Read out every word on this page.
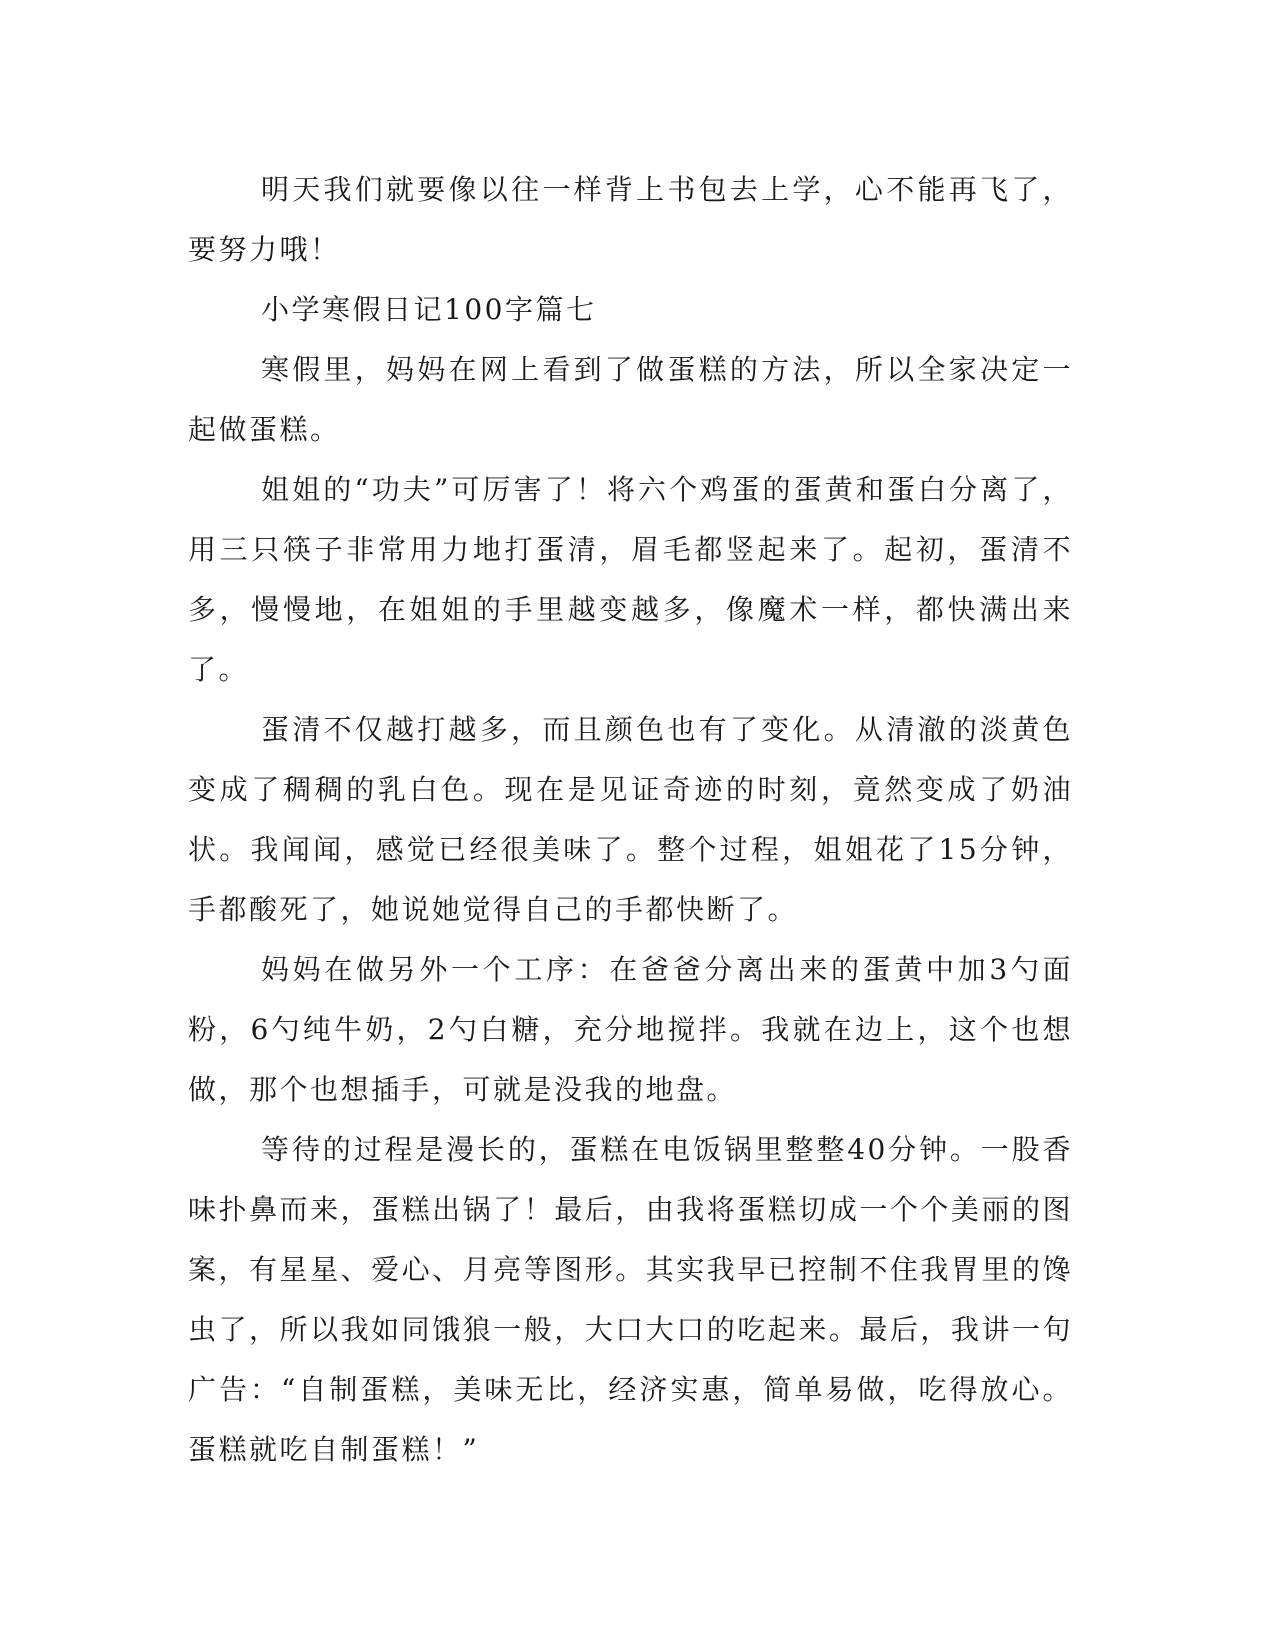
明天我们就要像以往一样背上书包去上学，心不能再飞了，要努力哦！

小学寒假日记100字篇七

寒假里，妈妈在网上看到了做蛋糕的方法，所以全家决定一起做蛋糕。

姐姐的“功夫”可厉害了！将六个鸡蛋的蛋黄和蛋白分离了，用三只筷子非常用力地打蛋清，眉毛都竖起来了。起初，蛋清不多，慢慢地，在姐姐的手里越变越多，像魔术一样，都快满出来了。

蛋清不仅越打越多，而且颜色也有了变化。从清澈的淡黄色变成了稠稠的乳白色。现在是见证奇迹的时刻，竟然变成了奶油状。我闻闻，感觉已经很美味了。整个过程，姐姐花了15分钟，手都酸死了，她说她觉得自己的手都快断了。

妈妈在做另外一个工序：在爸爸分离出来的蛋黄中加3勺面粉，6勺纯牛奶，2勺白糖，充分地搅拌。我就在边上，这个也想做，那个也想插手，可就是没我的地盘。

等待的过程是漫长的，蛋糕在电饭锅里整整40分钟。一股香味扑鼻而来，蛋糕出锅了！最后，由我将蛋糕切成一个个美丽的图案，有星星、爱心、月亮等图形。其实我早已控制不住我胃里的馋虫了，所以我如同饿狼一般，大口大口的吃起来。最后，我讲一句广告：“自制蛋糕，美味无比，经济实惠，简单易做，吃得放心。蛋糕就吃自制蛋糕！”
